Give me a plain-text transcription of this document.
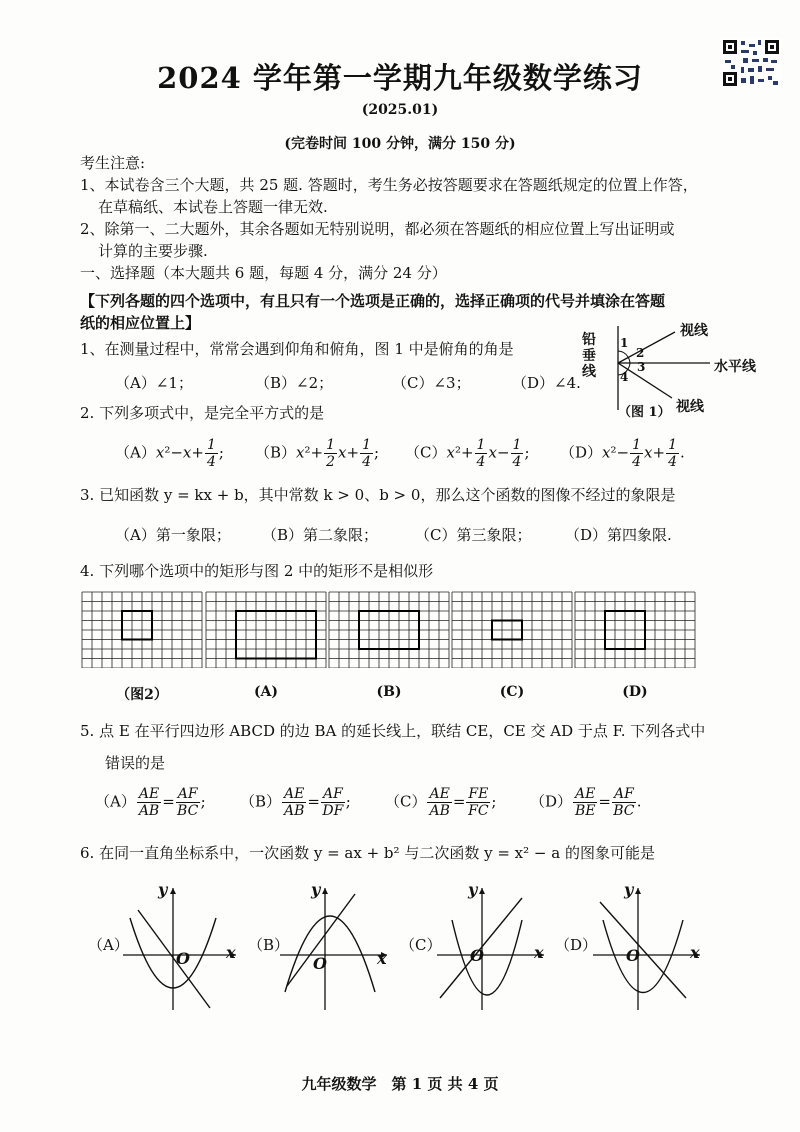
2024 学年第一学期九年级数学练习
(2025.01)
(完卷时间 100 分钟，满分 150 分)
考生注意:
1、本试卷含三个大题，共 25 题. 答题时，考生务必按答题要求在答题纸规定的位置上作答，
在草稿纸、本试卷上答题一律无效.
2、除第一、二大题外，其余各题如无特别说明，都必须在答题纸的相应位置上写出证明或
计算的主要步骤.
一、选择题（本大题共 6 题，每题 4 分，满分 24 分）
【下列各题的四个选项中，有且只有一个选项是正确的，选择正确项的代号并填涂在答题
纸的相应位置上】
1、在测量过程中，常常会遇到仰角和俯角，图 1 中是俯角的角是
（A）∠1；	（B）∠2；	（C）∠3；	（D）∠4.
铅垂线
视线
水平线
视线
1
2
3
4
（图 1）
2. 下列多项式中，是完全平方式的是
$(A)x^2-x+ \frac{1}{4}$ ; $(B)x^2+ \frac{1}{2} x+ \frac{1}{4}$ ; $(C)x^2+ \frac{1}{4} x- \frac{1}{4}$ ; $(D)x^2- \frac{1}{4} x+ \frac{1}{4}$ .
3. 已知函数 y = kx + b，其中常数 k > 0、b > 0，那么这个函数的图像不经过的象限是
（A）第一象限； （B）第二象限； （C）第三象限； （D）第四象限.
4. 下列哪个选项中的矩形与图 2 中的矩形不是相似形
（图2）	(A)	(B)	(C)	(D)
5. 点 E 在平行四边形 ABCD 的边 BA 的延长线上，联结 CE，CE 交 AD 于点 F. 下列各式中
错误的是
$(A) \frac{AE}{AB} = \frac{AF}{BC}$ ; $(B) \frac{AE}{AB} = \frac{AF}{DF}$ ; $(C) \frac{AE}{AB} = \frac{FE}{FC}$ ; $(D) \frac{AE}{BE} = \frac{AF}{BC}$ .
6. 在同一直角坐标系中，一次函数 y = ax + b² 与二次函数 y = x² − a 的图象可能是
（A）
y
x
O
（B）
y
x
O
（C）
y
x
O
（D）
y
x
O
九年级数学　第 1 页 共 4 页
